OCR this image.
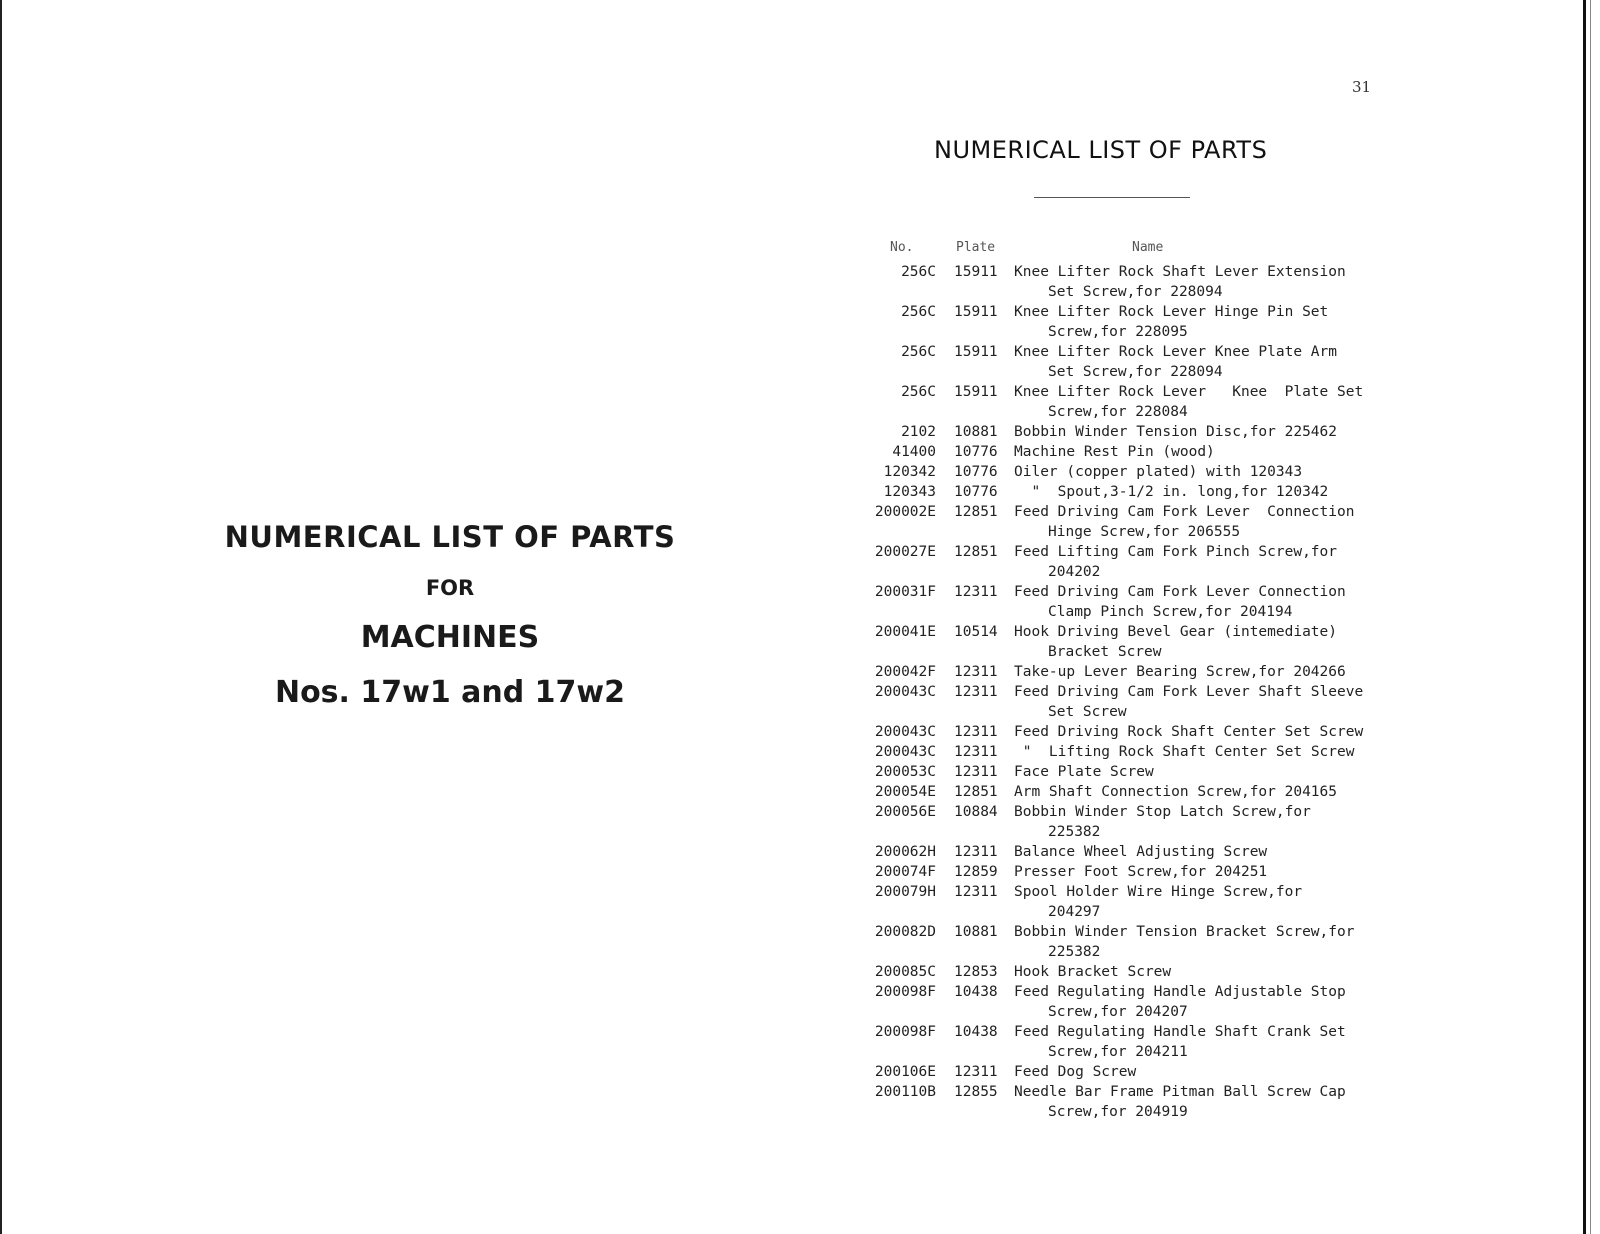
NUMERICAL LIST OF PARTS
FOR
MACHINES
Nos. 17w1 and 17w2
31
NUMERICAL LIST OF PARTS
No.	Plate	Name
256C	15911	Knee Lifter Rock Shaft Lever Extension
Set Screw,for 228094
256C	15911	Knee Lifter Rock Lever Hinge Pin Set
Screw,for 228095
256C	15911	Knee Lifter Rock Lever Knee Plate Arm
Set Screw,for 228094
256C	15911	Knee Lifter Rock Lever   Knee  Plate Set
Screw,for 228084
2102	10881	Bobbin Winder Tension Disc,for 225462
41400	10776	Machine Rest Pin (wood)
120342	10776	Oiler (copper plated) with 120343
120343	10776	"  Spout,3-1/2 in. long,for 120342
200002E	12851	Feed Driving Cam Fork Lever  Connection
Hinge Screw,for 206555
200027E	12851	Feed Lifting Cam Fork Pinch Screw,for
204202
200031F	12311	Feed Driving Cam Fork Lever Connection
Clamp Pinch Screw,for 204194
200041E	10514	Hook Driving Bevel Gear (intemediate)
Bracket Screw
200042F	12311	Take-up Lever Bearing Screw,for 204266
200043C	12311	Feed Driving Cam Fork Lever Shaft Sleeve
Set Screw
200043C	12311	Feed Driving Rock Shaft Center Set Screw
200043C	12311	"  Lifting Rock Shaft Center Set Screw
200053C	12311	Face Plate Screw
200054E	12851	Arm Shaft Connection Screw,for 204165
200056E	10884	Bobbin Winder Stop Latch Screw,for
225382
200062H	12311	Balance Wheel Adjusting Screw
200074F	12859	Presser Foot Screw,for 204251
200079H	12311	Spool Holder Wire Hinge Screw,for
204297
200082D	10881	Bobbin Winder Tension Bracket Screw,for
225382
200085C	12853	Hook Bracket Screw
200098F	10438	Feed Regulating Handle Adjustable Stop
Screw,for 204207
200098F	10438	Feed Regulating Handle Shaft Crank Set
Screw,for 204211
200106E	12311	Feed Dog Screw
200110B	12855	Needle Bar Frame Pitman Ball Screw Cap
Screw,for 204919
